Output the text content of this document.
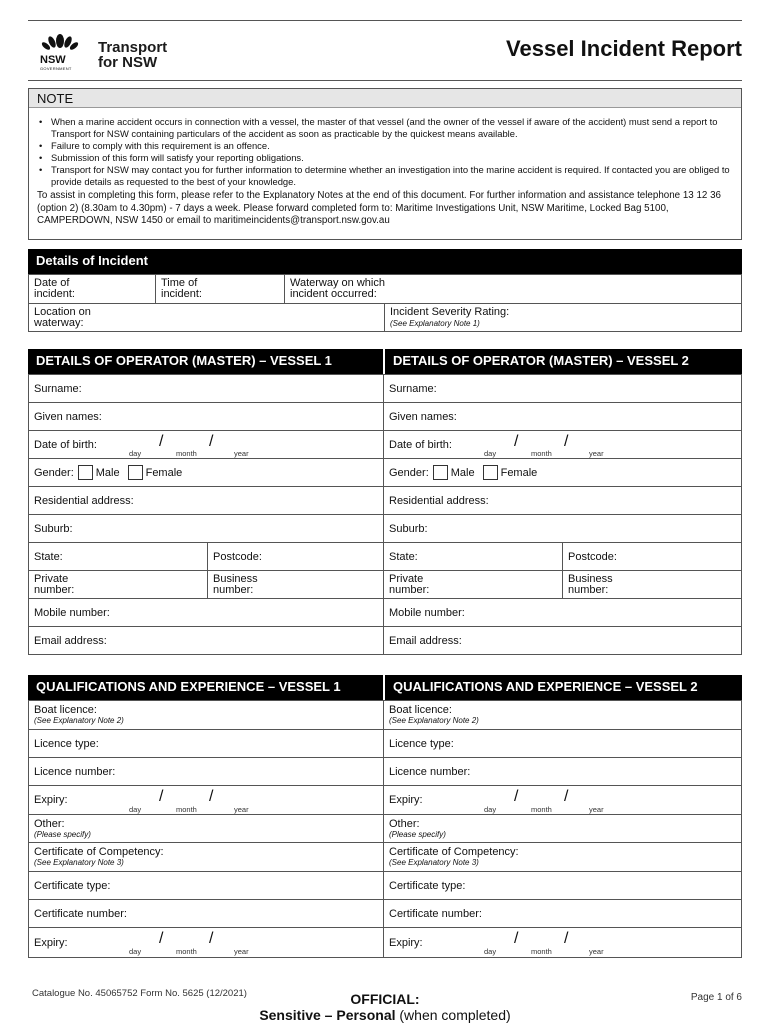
NSW
GOVERNMENT
Transport
for NSW
Vessel Incident Report
NOTE
• When a marine accident occurs in connection with a vessel, the master of that vessel (and the owner of the vessel if aware of the accident) must send a report to Transport for NSW containing particulars of the accident as soon as practicable by the quickest means available.
• Failure to comply with this requirement is an offence.
• Submission of this form will satisfy your reporting obligations.
• Transport for NSW may contact you for further information to determine whether an investigation into the marine accident is required. If contacted you are obliged to provide details as requested to the best of your knowledge.

To assist in completing this form, please refer to the Explanatory Notes at the end of this document. For further information and assistance telephone 13 12 36 (option 2) (8.30am to 4.30pm) - 7 days a week. Please forward completed form to: Maritime Investigations Unit, NSW Maritime, Locked Bag 5100, CAMPERDOWN, NSW 1450 or email to maritimeincidents@transport.nsw.gov.au

Details of Incident
Date of
incident:
Time of
incident:
Waterway on which
incident occurred:
Location on
waterway:
Incident Severity Rating:
(See Explanatory Note 1)
DETAILS OF OPERATOR (MASTER) – VESSEL 1
Surname:
Given names:
Date of birth:	/	/
day	month	year
Gender: Male Female
Residential address:
Suburb:
State:	Postcode:
Private
number:
Business
number:
Mobile number:
Email address:
DETAILS OF OPERATOR (MASTER) – VESSEL 2
Surname:
Given names:
Date of birth:	/	/
day	month	year
Gender: Male Female
Residential address:
Suburb:
State:	Postcode:
Private
number:
Business
number:
Mobile number:
Email address:
QUALIFICATIONS AND EXPERIENCE – VESSEL 1
Boat licence:
(See Explanatory Note 2)
Licence type:
Licence number:
Expiry:	/	/
day	month	year
Other:
(Please specify)
Certificate of Competency:
(See Explanatory Note 3)
Certificate type:
Certificate number:
Expiry:	/	/
day	month	year
QUALIFICATIONS AND EXPERIENCE – VESSEL 2
Boat licence:
(See Explanatory Note 2)
Licence type:
Licence number:
Expiry:	/	/
day	month	year
Other:
(Please specify)
Certificate of Competency:
(See Explanatory Note 3)
Certificate type:
Certificate number:
Expiry:	/	/
day	month	year
Catalogue No. 45065752 Form No. 5625 (12/2021)	OFFICIAL:
Sensitive – Personal (when completed)
Page 1 of 6
